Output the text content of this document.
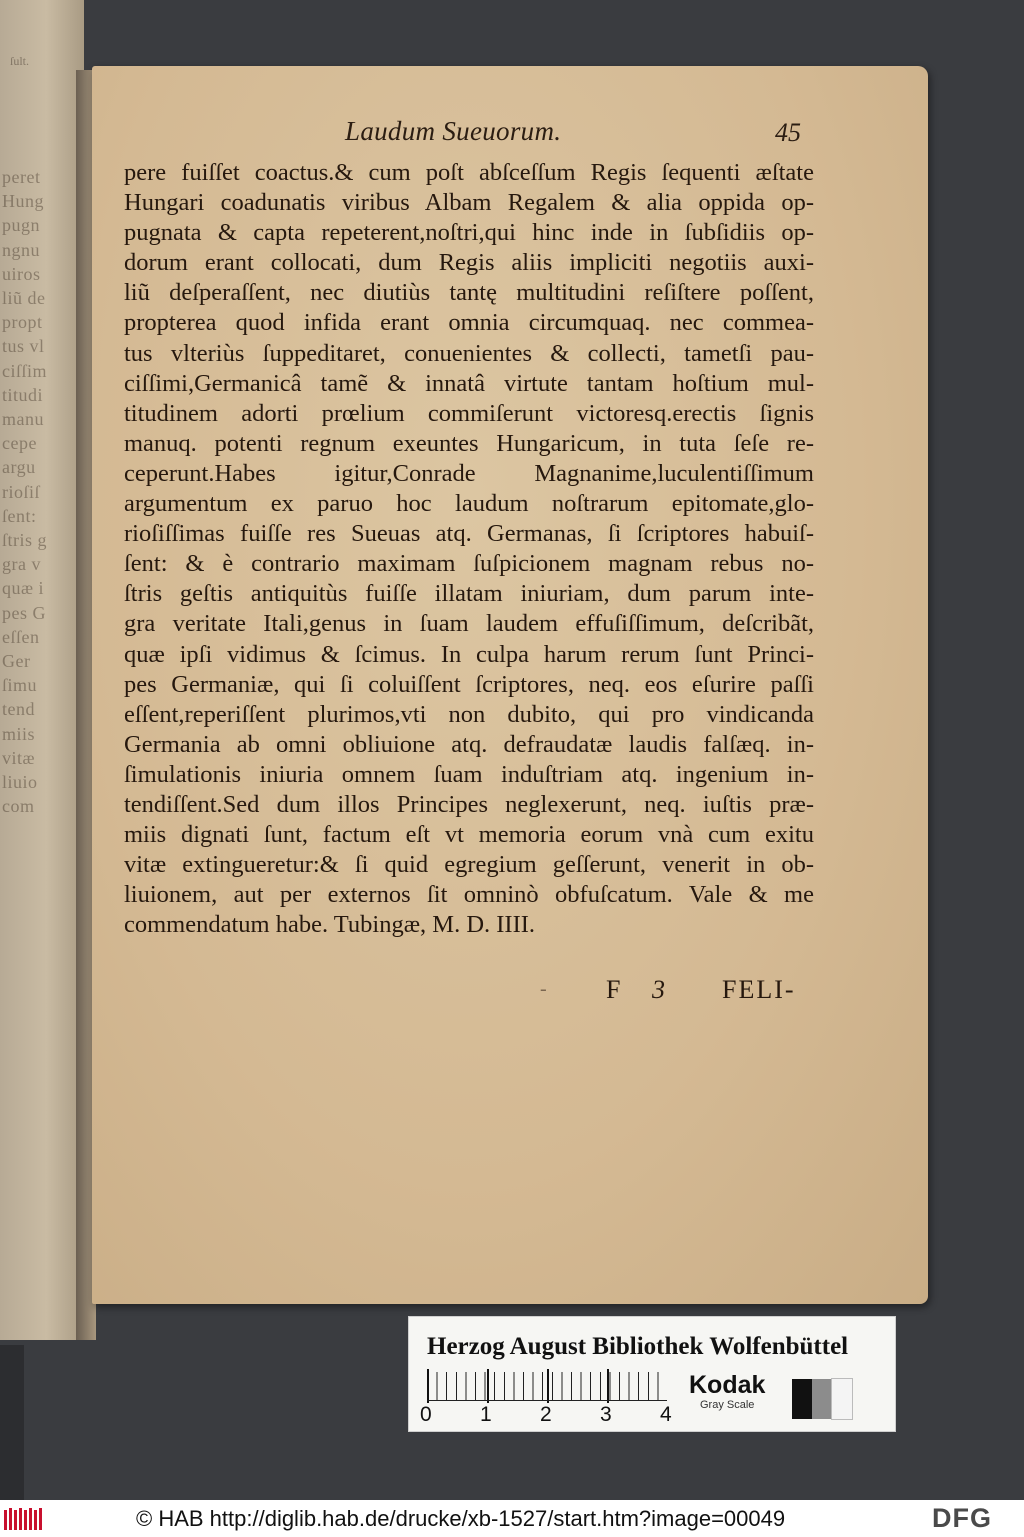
ſult.
peret
Hung
pugn
ngnu
uiros
liũ de
propt
tus vl
ciſſim
titudi
manu
cepe
argu
rioſiſ
ſent:
ſtris g
gra v
quæ i
pes G
eſſen
Ger
ſimu
tend
miis
vitæ
liuio
com
Laudum Sueuorum.	45
pere fuiſſet coactus.& cum poſt abſceſſum Regis ſequenti æſtate
Hungari coadunatis viribus Albam Regalem & alia oppida op-
pugnata & capta repeterent,noſtri,qui hinc inde in ſubſidiis op-
dorum erant collocati, dum Regis aliis impliciti negotiis auxi-
liũ deſperaſſent, nec diutiùs tantę multitudini reſiſtere poſſent,
propterea quod infida erant omnia circumquaq. nec commea-
tus vlteriùs ſuppeditaret, conuenientes & collecti, tametſi pau-
ciſſimi,Germanicâ tamẽ & innatâ virtute tantam hoſtium mul-
titudinem adorti prœlium commiſerunt victoresq.erectis ſignis
manuq. potenti regnum exeuntes Hungaricum, in tuta ſeſe re-
ceperunt.Habes igitur,Conrade Magnanime,luculentiſſimum
argumentum ex paruo hoc laudum noſtrarum epitomate,glo-
rioſiſſimas fuiſſe res Sueuas atq. Germanas, ſi ſcriptores habuiſ-
ſent: & è contrario maximam ſuſpicionem magnam rebus no-
ſtris geſtis antiquitùs fuiſſe illatam iniuriam, dum parum inte-
gra veritate Itali,genus in ſuam laudem effuſiſſimum, deſcribãt,
quæ ipſi vidimus & ſcimus. In culpa harum rerum ſunt Princi-
pes Germaniæ, qui ſi coluiſſent ſcriptores, neq. eos eſurire paſſi
eſſent,reperiſſent plurimos,vti non dubito, qui pro vindicanda
Germania ab omni obliuione atq. defraudatæ laudis falſæq. in-
ſimulationis iniuria omnem ſuam induſtriam atq. ingenium in-
tendiſſent.Sed dum illos Principes neglexerunt, neq. iuſtis præ-
miis dignati ſunt, factum eſt vt memoria eorum vnà cum exitu
vitæ extingueretur:& ſi quid egregium geſſerunt, venerit in ob-
liuionem, aut per externos ſit omninò obfuſcatum. Vale & me
commendatum habe. Tubingæ, M. D. IIII.
- F 3 FELI-
Herzog August Bibliothek Wolfenbüttel
0 1 2 3 4
Kodak
Gray Scale
© HAB http://diglib.hab.de/drucke/xb-1527/start.htm?image=00049	DFG
